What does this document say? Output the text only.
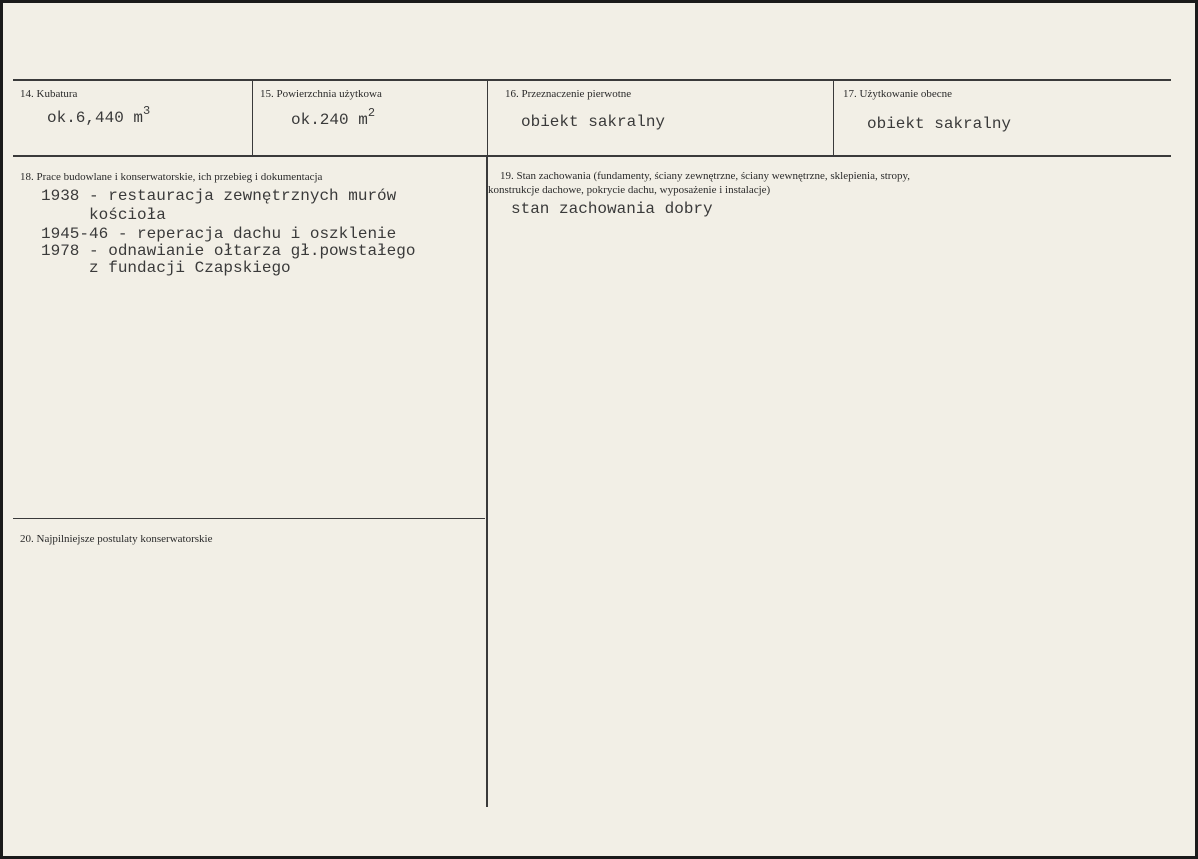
14. Kubatura
ok.6,440 $m^3$
15. Powierzchnia użytkowa
ok.240 $m^2$
16. Przeznaczenie pierwotne
obiekt sakralny
17. Użytkowanie obecne
obiekt sakralny
18. Prace budowlane i konserwatorskie, ich przebieg i dokumentacja
1938 - restauracja zewnętrznych murów
kościoła
1945-46 - reperacja dachu i oszklenie
1978 - odnawianie ołtarza gł.powstałego
z fundacji Czapskiego
19. Stan zachowania (fundamenty, ściany zewnętrzne, ściany wewnętrzne, sklepienia, stropy,
konstrukcje dachowe, pokrycie dachu, wyposażenie i instalacje)
stan zachowania dobry
20. Najpilniejsze postulaty konserwatorskie
